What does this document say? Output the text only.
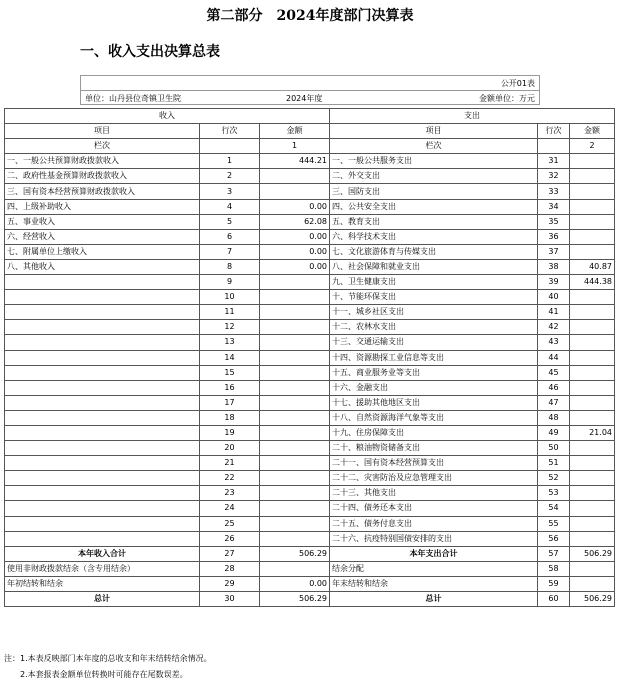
第二部分　2024年度部门决算表
一、收入支出决算总表
公开01表
单位：山丹县位奇镇卫生院	2024年度	金额单位：万元
收入			支出		
项目	行次	金额	项目	行次	金额
栏次		1	栏次		2
一、一般公共预算财政拨款收入	1	444.21	一、一般公共服务支出	31	
二、政府性基金预算财政拨款收入	2		二、外交支出	32	
三、国有资本经营预算财政拨款收入	3		三、国防支出	33	
四、上级补助收入	4	0.00	四、公共安全支出	34	
五、事业收入	5	62.08	五、教育支出	35	
六、经营收入	6	0.00	六、科学技术支出	36	
七、附属单位上缴收入	7	0.00	七、文化旅游体育与传媒支出	37	
八、其他收入	8	0.00	八、社会保障和就业支出	38	40.87
	9		九、卫生健康支出	39	444.38
	10		十、节能环保支出	40	
	11		十一、城乡社区支出	41	
	12		十二、农林水支出	42	
	13		十三、交通运输支出	43	
	14		十四、资源勘探工业信息等支出	44	
	15		十五、商业服务业等支出	45	
	16		十六、金融支出	46	
	17		十七、援助其他地区支出	47	
	18		十八、自然资源海洋气象等支出	48	
	19		十九、住房保障支出	49	21.04
	20		二十、粮油物资储备支出	50	
	21		二十一、国有资本经营预算支出	51	
	22		二十二、灾害防治及应急管理支出	52	
	23		二十三、其他支出	53	
	24		二十四、债务还本支出	54	
	25		二十五、债务付息支出	55	
	26		二十六、抗疫特别国债安排的支出	56	
本年收入合计	27	506.29	本年支出合计	57	506.29
使用非财政拨款结余（含专用结余）	28		结余分配	58	
年初结转和结余	29	0.00	年末结转和结余	59	
总计	30	506.29	总计	60	506.29
注：1.本表反映部门本年度的总收支和年末结转结余情况。
　　2.本套报表金额单位转换时可能存在尾数误差。
